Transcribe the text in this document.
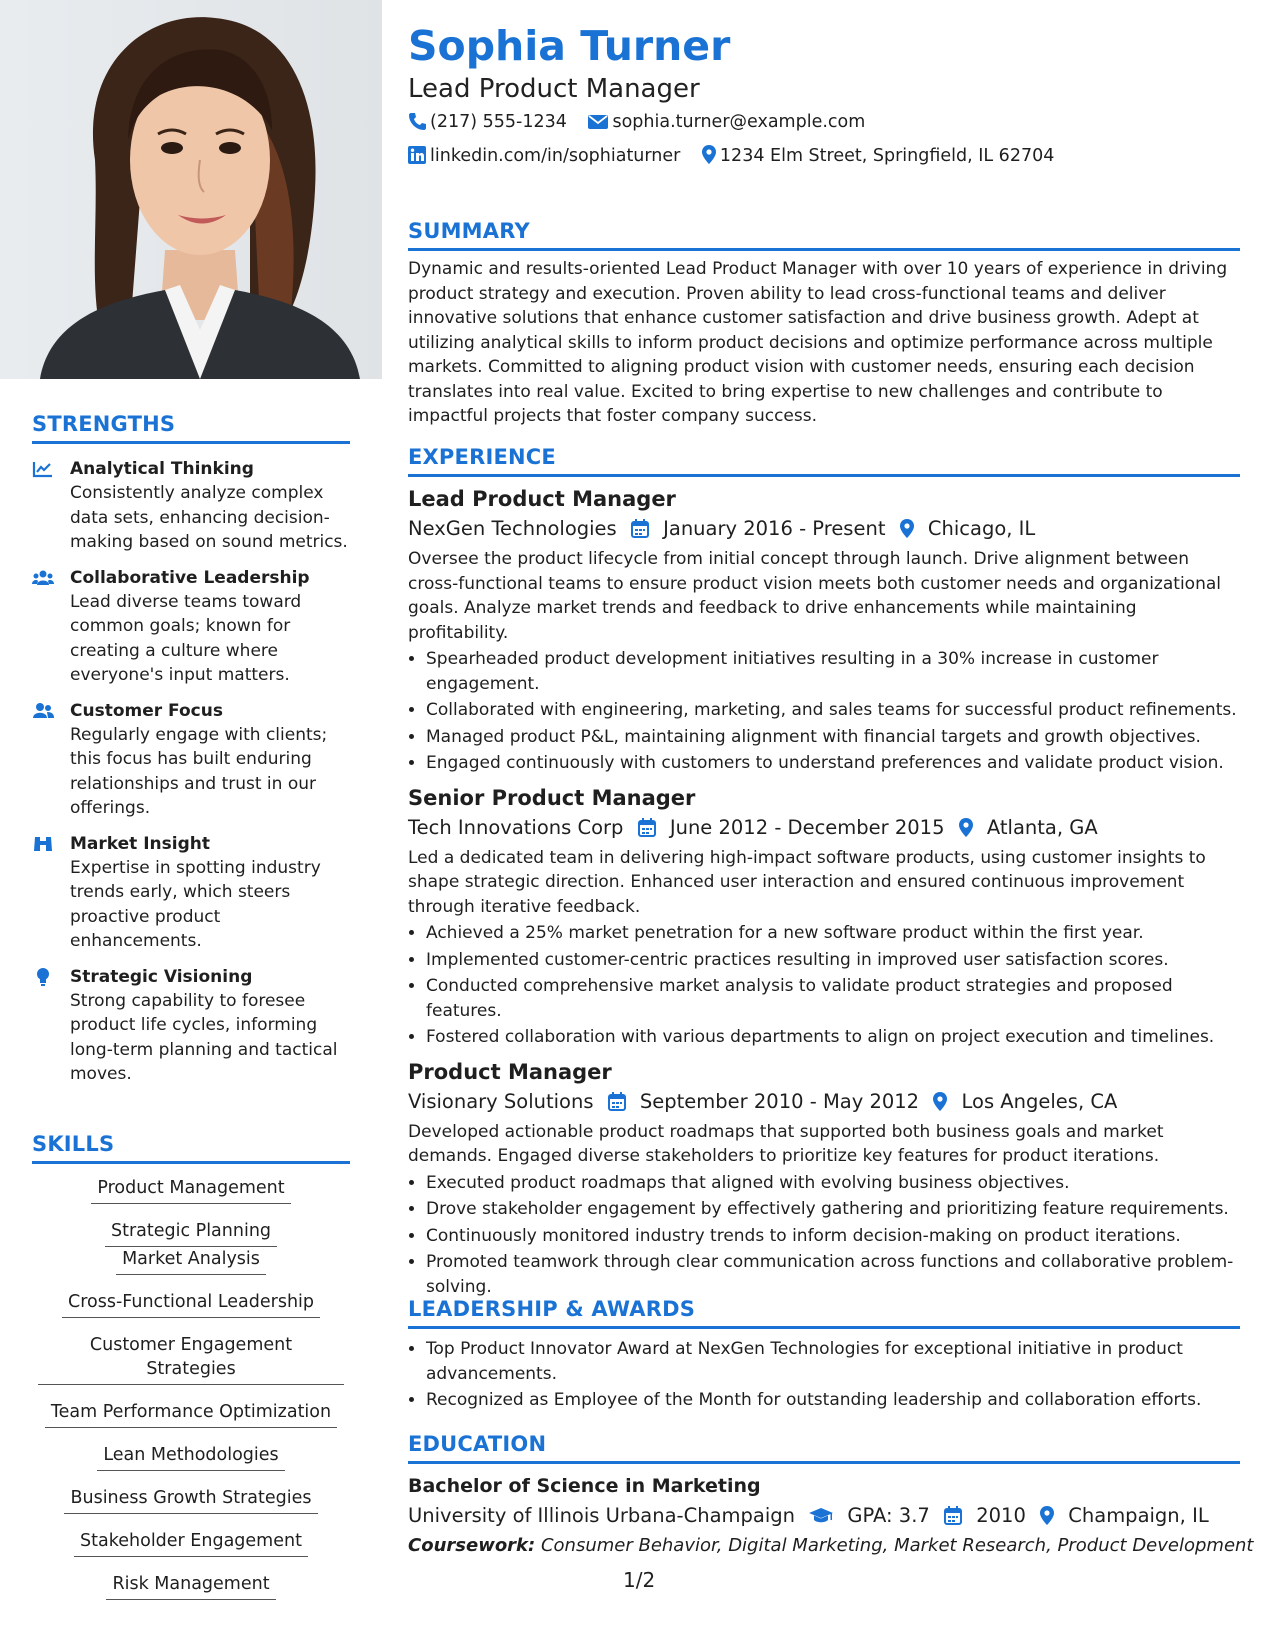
STRENGTHS
Analytical Thinking
Consistently analyze complex data sets, enhancing decision-making based on sound metrics.
Collaborative Leadership
Lead diverse teams toward common goals; known for creating a culture where everyone's input matters.
Customer Focus
Regularly engage with clients; this focus has built enduring relationships and trust in our offerings.
Market Insight
Expertise in spotting industry trends early, which steers proactive product enhancements.
Strategic Visioning
Strong capability to foresee product life cycles, informing long-term planning and tactical moves.
SKILLS
Product Management
Strategic PlanningMarket Analysis
Cross-Functional Leadership
Customer Engagement Strategies
Team Performance Optimization
Lean Methodologies
Business Growth Strategies
Stakeholder Engagement
Risk Management
Sophia Turner
Lead Product Manager
(217) 555-1234	sophia.turner@example.com
linkedin.com/in/sophiaturner 1234 Elm Street, Springfield, IL 62704
SUMMARY

Dynamic and results-oriented Lead Product Manager with over 10 years of experience in driving product strategy and execution. Proven ability to lead cross-functional teams and deliver innovative solutions that enhance customer satisfaction and drive business growth. Adept at utilizing analytical skills to inform product decisions and optimize performance across multiple markets. Committed to aligning product vision with customer needs, ensuring each decision translates into real value. Excited to bring expertise to new challenges and contribute to impactful projects that foster company success.

EXPERIENCE
Lead Product Manager
NexGen Technologies January 2016 - Present Chicago, IL

Oversee the product lifecycle from initial concept through launch. Drive alignment between cross-functional teams to ensure product vision meets both customer needs and organizational goals. Analyze market trends and feedback to drive enhancements while maintaining profitability.

• Spearheaded product development initiatives resulting in a 30% increase in customer engagement.
• Collaborated with engineering, marketing, and sales teams for successful product refinements.
• Managed product P&L, maintaining alignment with financial targets and growth objectives.
• Engaged continuously with customers to understand preferences and validate product vision.
Senior Product Manager
Tech Innovations Corp June 2012 - December 2015 Atlanta, GA

Led a dedicated team in delivering high-impact software products, using customer insights to shape strategic direction. Enhanced user interaction and ensured continuous improvement through iterative feedback.

• Achieved a 25% market penetration for a new software product within the first year.
• Implemented customer-centric practices resulting in improved user satisfaction scores.
• Conducted comprehensive market analysis to validate product strategies and proposed features.
• Fostered collaboration with various departments to align on project execution and timelines.
Product Manager
Visionary Solutions September 2010 - May 2012 Los Angeles, CA

Developed actionable product roadmaps that supported both business goals and market demands. Engaged diverse stakeholders to prioritize key features for product iterations.

• Executed product roadmaps that aligned with evolving business objectives.
• Drove stakeholder engagement by effectively gathering and prioritizing feature requirements.
• Continuously monitored industry trends to inform decision-making on product iterations.
• Promoted teamwork through clear communication across functions and collaborative problem-solving.
LEADERSHIP & AWARDS
• Top Product Innovator Award at NexGen Technologies for exceptional initiative in product advancements.
• Recognized as Employee of the Month for outstanding leadership and collaboration efforts.
EDUCATION
Bachelor of Science in Marketing
University of Illinois Urbana-Champaign	GPA: 3.7 2010 Champaign, IL
Coursework: Consumer Behavior, Digital Marketing, Market Research, Product Development
1/2
